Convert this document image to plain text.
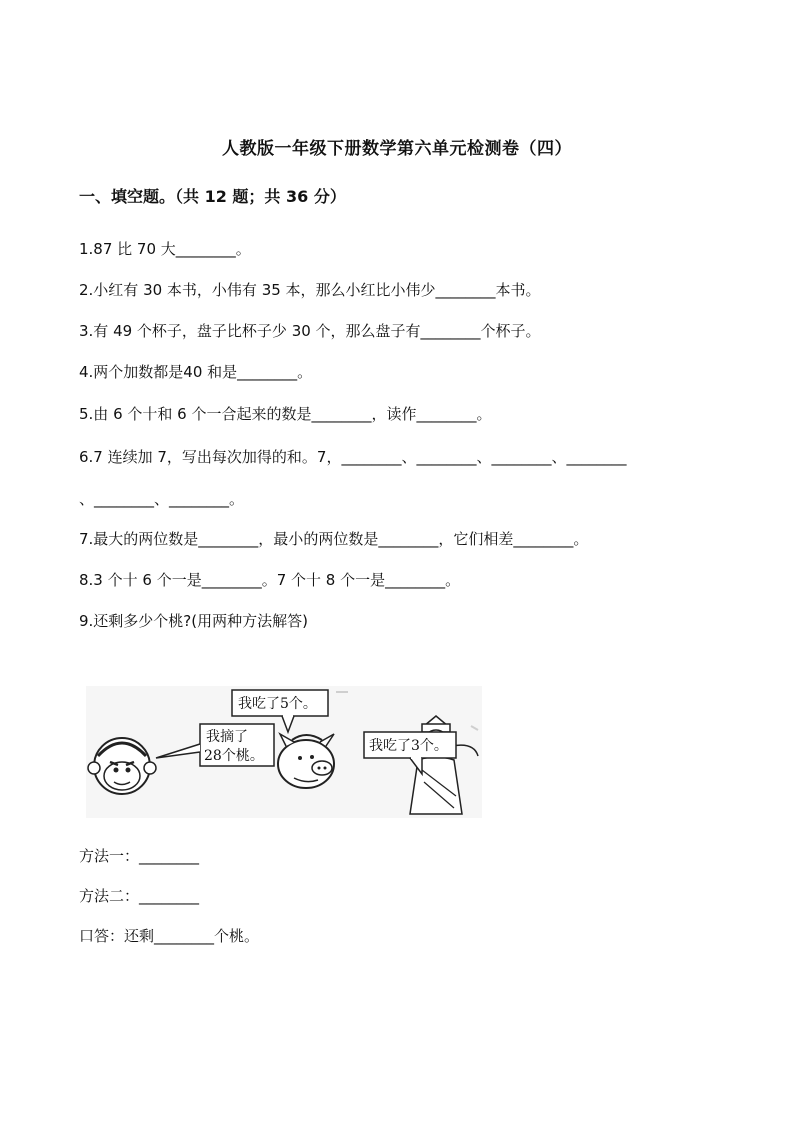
人教版一年级下册数学第六单元检测卷（四）
一、填空题。（共 12 题；共 36 分）
1.87 比 70 大________。
2.小红有 30 本书，小伟有 35 本，那么小红比小伟少________本书。
3.有 49 个杯子，盘子比杯子少 30 个，那么盘子有________个杯子。
4.两个加数都是40 和是________。
5.由 6 个十和 6 个一合起来的数是________，读作________。
6.7 连续加 7，写出每次加得的和。7，________、________、________、________
、________、________。
7.最大的两位数是________，最小的两位数是________，它们相差________。
8.3 个十 6 个一是________。7 个十 8 个一是________。
9.还剩多少个桃?(用两种方法解答)
我摘了
28个桃。
我吃了5个。
我吃了3个。
方法一：________
方法二：________
口答：还剩________个桃。
